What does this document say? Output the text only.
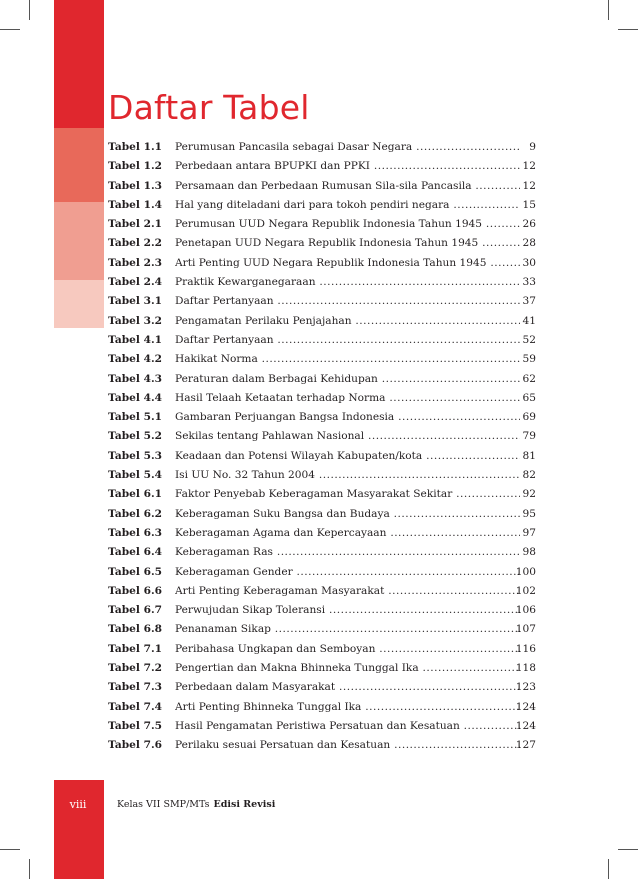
Daftar Tabel
Tabel 1.1	Perumusan Pancasila sebagai Dasar Negara .....	9
Tabel 1.2	Perbedaan antara BPUPKI dan PPKI .....	12
Tabel 1.3	Persamaan dan Perbedaan Rumusan Sila-sila Pancasila .....	12
Tabel 1.4	Hal yang diteladani dari para tokoh pendiri negara .....	15
Tabel 2.1	Perumusan UUD Negara Republik Indonesia Tahun 1945 .....	26
Tabel 2.2	Penetapan UUD Negara Republik Indonesia Tahun 1945 .....	28
Tabel 2.3	Arti Penting UUD Negara Republik Indonesia Tahun 1945 .....	30
Tabel 2.4	Praktik Kewarganegaraan .....	33
Tabel 3.1	Daftar Pertanyaan .....	37
Tabel 3.2	Pengamatan Perilaku Penjajahan .....	41
Tabel 4.1	Daftar Pertanyaan .....	52
Tabel 4.2	Hakikat Norma .....	59
Tabel 4.3	Peraturan dalam Berbagai Kehidupan .....	62
Tabel 4.4	Hasil Telaah Ketaatan terhadap Norma .....	65
Tabel 5.1	Gambaran Perjuangan Bangsa Indonesia .....	69
Tabel 5.2	Sekilas tentang Pahlawan Nasional .....	79
Tabel 5.3	Keadaan dan Potensi Wilayah Kabupaten/kota .....	81
Tabel 5.4	Isi UU No. 32 Tahun 2004 .....	82
Tabel 6.1	Faktor Penyebab Keberagaman Masyarakat Sekitar .....	92
Tabel 6.2	Keberagaman Suku Bangsa dan Budaya .....	95
Tabel 6.3	Keberagaman Agama dan Kepercayaan .....	97
Tabel 6.4	Keberagaman Ras .....	98
Tabel 6.5	Keberagaman Gender .....	100
Tabel 6.6	Arti Penting Keberagaman Masyarakat .....	102
Tabel 6.7	Perwujudan Sikap Toleransi .....	106
Tabel 6.8	Penanaman Sikap .....	107
Tabel 7.1	Peribahasa Ungkapan dan Semboyan .....	116
Tabel 7.2	Pengertian dan Makna Bhinneka Tunggal Ika .....	118
Tabel 7.3	Perbedaan dalam Masyarakat .....	123
Tabel 7.4	Arti Penting Bhinneka Tunggal Ika .....	124
Tabel 7.5	Hasil Pengamatan Peristiwa Persatuan dan Kesatuan .....	124
Tabel 7.6	Perilaku sesuai Persatuan dan Kesatuan .....	127
viii	Kelas VII SMP/MTs Edisi Revisi
